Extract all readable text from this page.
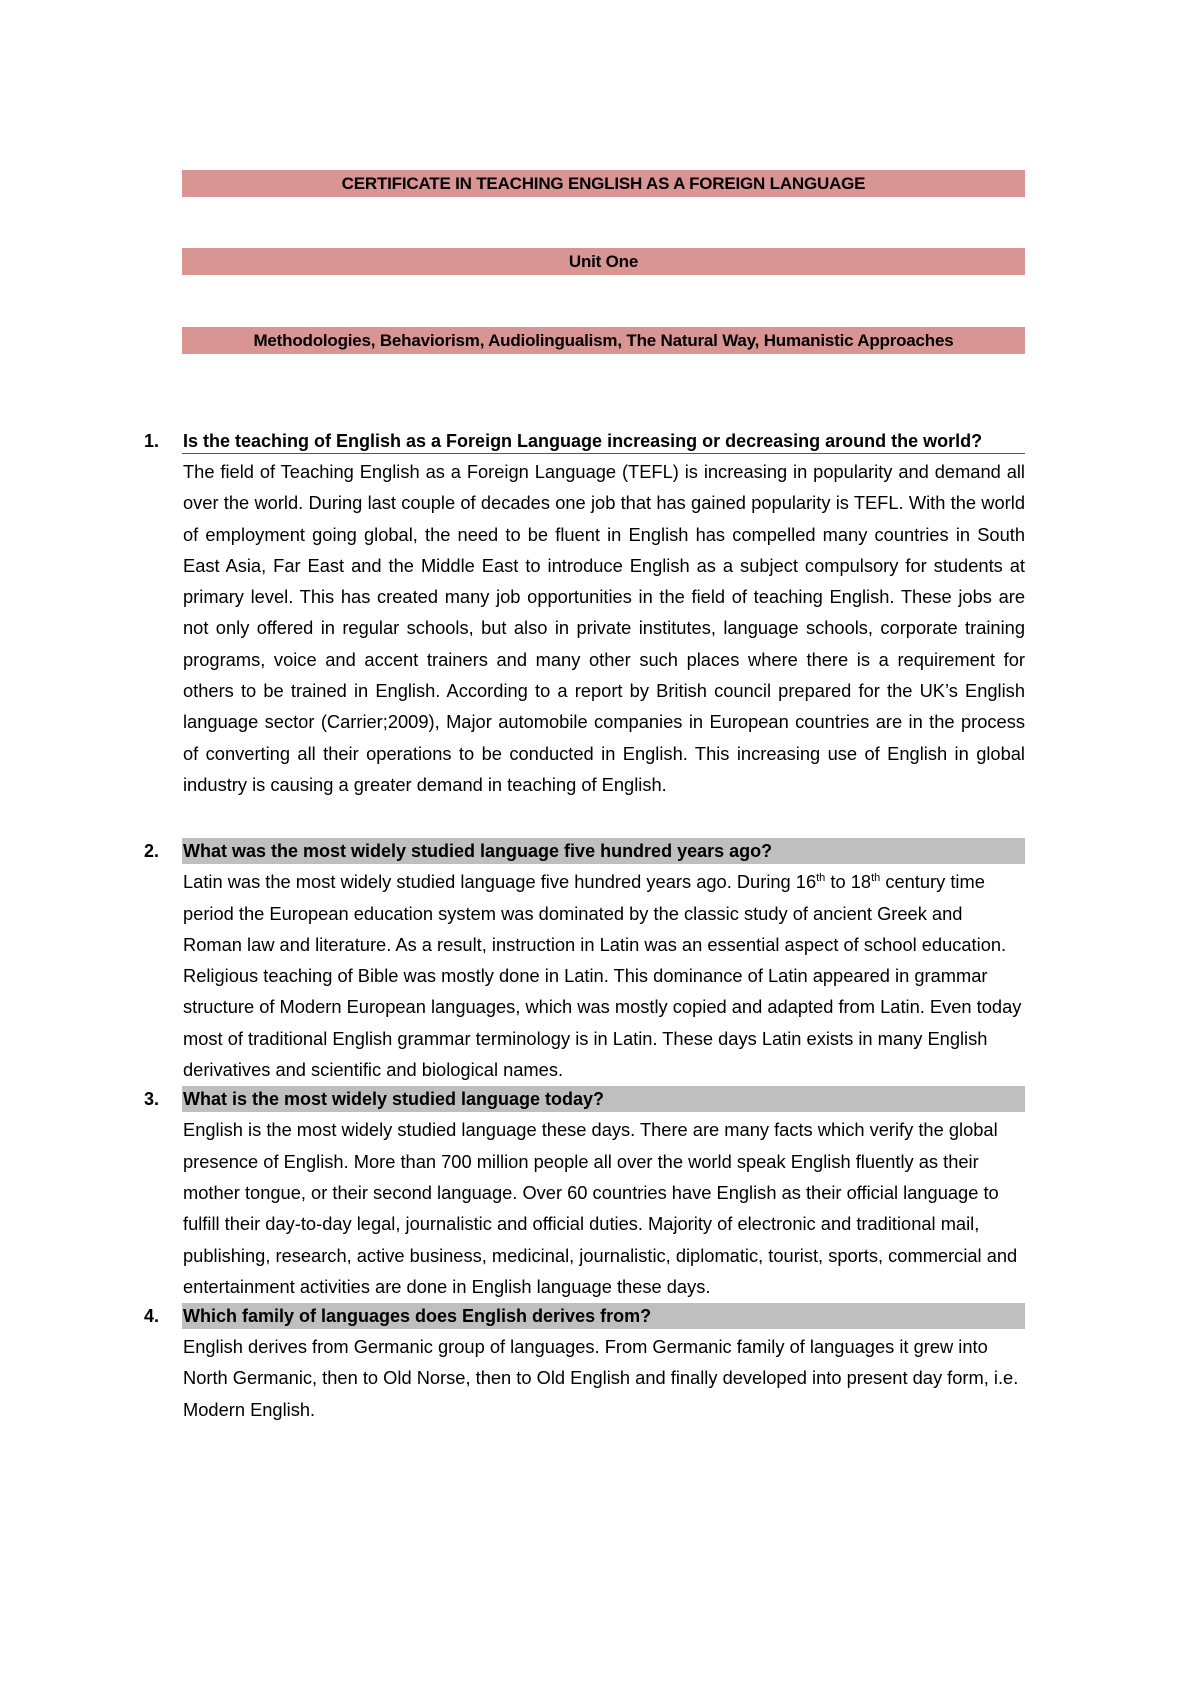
CERTIFICATE IN TEACHING ENGLISH AS A FOREIGN LANGUAGE
Unit One
Methodologies, Behaviorism, Audiolingualism, The Natural Way, Humanistic Approaches
1. Is the teaching of English as a Foreign Language increasing or decreasing around the world?
The field of Teaching English as a Foreign Language (TEFL) is increasing in popularity and demand all over the world. During last couple of decades one job that has gained popularity is TEFL. With the world of employment going global, the need to be fluent in English has compelled many countries in South East Asia, Far East and the Middle East to introduce English as a subject compulsory for students at primary level. This has created many job opportunities in the field of teaching English. These jobs are not only offered in regular schools, but also in private institutes, language schools, corporate training programs, voice and accent trainers and many other such places where there is a requirement for others to be trained in English. According to a report by British council prepared for the UK’s English language sector (Carrier;2009), Major automobile companies in European countries are in the process of converting all their operations to be conducted in English. This increasing use of English in global industry is causing a greater demand in teaching of English.
2. What was the most widely studied language five hundred years ago?
Latin was the most widely studied language five hundred years ago. During 16th to 18th century time period the European education system was dominated by the classic study of ancient Greek and Roman law and literature. As a result, instruction in Latin was an essential aspect of school education. Religious teaching of Bible was mostly done in Latin. This dominance of Latin appeared in grammar structure of Modern European languages, which was mostly copied and adapted from Latin. Even today most of traditional English grammar terminology is in Latin. These days Latin exists in many English derivatives and scientific and biological names.
3. What is the most widely studied language today?
English is the most widely studied language these days. There are many facts which verify the global presence of English. More than 700 million people all over the world speak English fluently as their mother tongue, or their second language. Over 60 countries have English as their official language to fulfill their day-to-day legal, journalistic and official duties. Majority of electronic and traditional mail, publishing, research, active business, medicinal, journalistic, diplomatic, tourist, sports, commercial and entertainment activities are done in English language these days.
4. Which family of languages does English derives from?
English derives from Germanic group of languages. From Germanic family of languages it grew into North Germanic, then to Old Norse, then to Old English and finally developed into present day form, i.e. Modern English.
